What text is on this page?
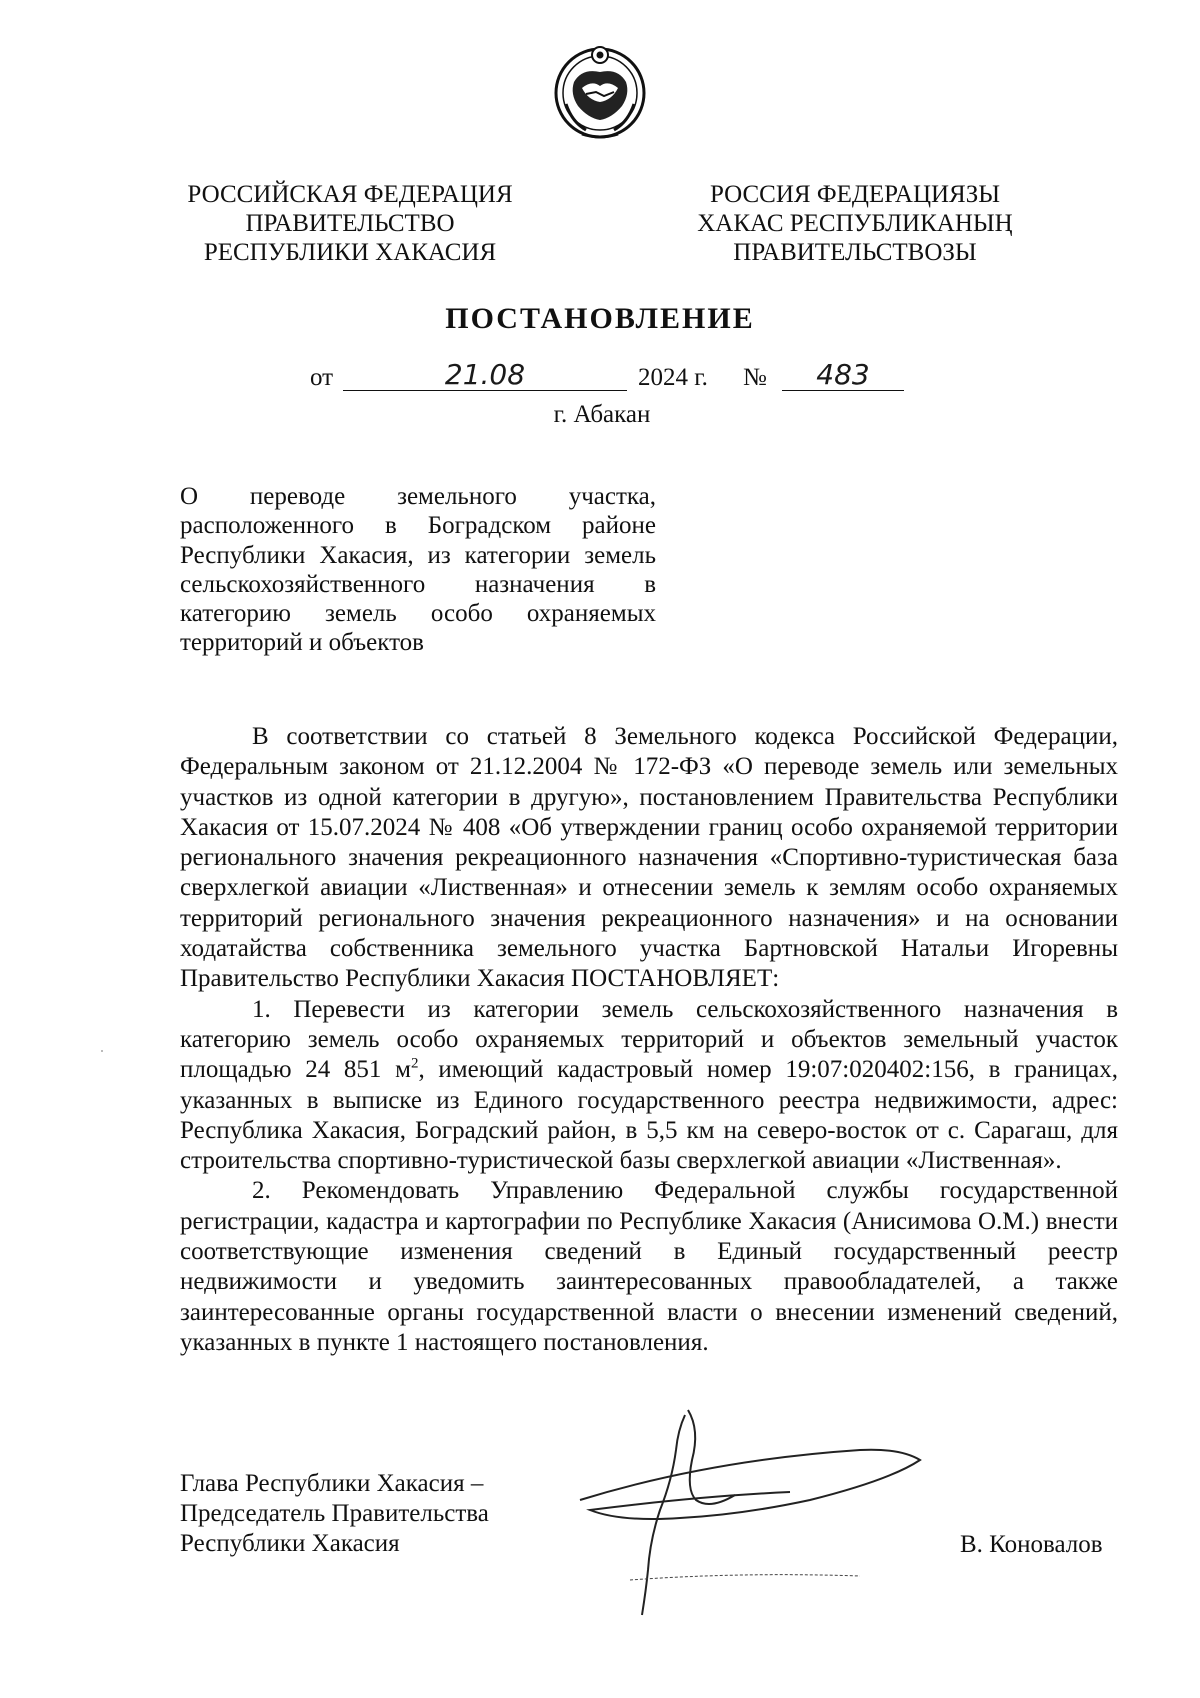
РОССИЙСКАЯ ФЕДЕРАЦИЯ
ПРАВИТЕЛЬСТВО
РЕСПУБЛИКИ ХАКАСИЯ
РОССИЯ ФЕДЕРАЦИЯЗЫ
ХАКАС РЕСПУБЛИКАНЫҢ
ПРАВИТЕЛЬСТВОЗЫ
ПОСТАНОВЛЕНИЕ
от	21.08	2024 г. №	483
г. Абакан
О переводе земельного участка, расположенного в Боградском районе Республики Хакасия, из категории земель сельскохозяйственного назначения в категорию земель особо охраняемых территорий и объектов

В соответствии со статьей 8 Земельного кодекса Российской Федерации, Федеральным законом от 21.12.2004 № 172-ФЗ «О переводе земель или земельных участков из одной категории в другую», постановлением Правительства Республики Хакасия от 15.07.2024 № 408 «Об утверждении границ особо охраняемой территории регионального значения рекреационного назначения «Спортивно-туристическая база сверхлегкой авиации «Лиственная» и отнесении земель к землям особо охраняемых территорий регионального значения рекреационного назначения» и на основании ходатайства собственника земельного участка Бартновской Натальи Игоревны Правительство Республики Хакасия ПОСТАНОВЛЯЕТ:

1. Перевести из категории земель сельскохозяйственного назначения в категорию земель особо охраняемых территорий и объектов земельный участок площадью 24 851 $м^2$, имеющий кадастровый номер 19:07:020402:156, в границах, указанных в выписке из Единого государственного реестра недвижимости, адрес: Республика Хакасия, Боградский район, в 5,5 км на северо-восток от с. Сарагаш, для строительства спортивно-туристической базы сверхлегкой авиации «Лиственная».

2. Рекомендовать Управлению Федеральной службы государственной регистрации, кадастра и картографии по Республике Хакасия (Анисимова О.М.) внести соответствующие изменения сведений в Единый государственный реестр недвижимости и уведомить заинтересованных правообладателей, а также заинтересованные органы государственной власти о внесении изменений сведений, указанных в пункте 1 настоящего постановления.

Глава Республики Хакасия –
Председатель Правительства
Республики Хакасия	В. Коновалов
